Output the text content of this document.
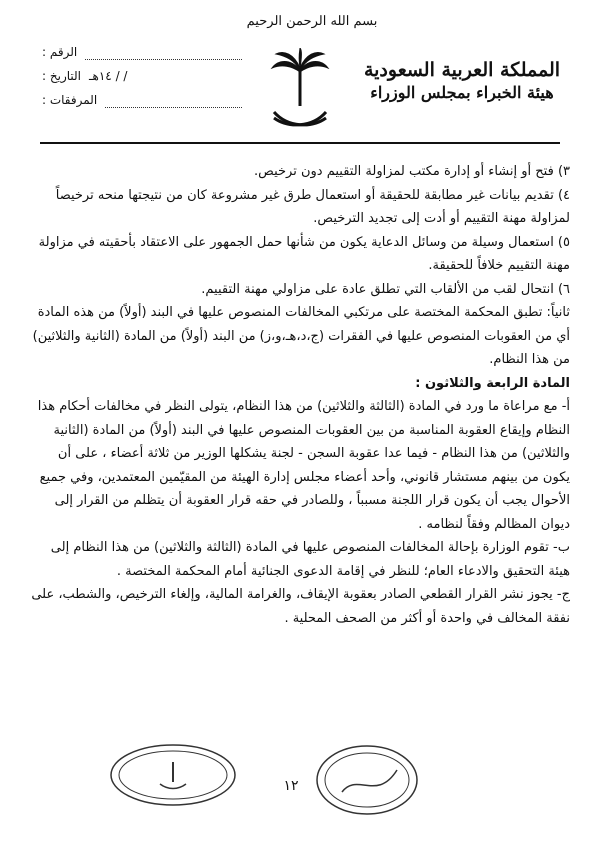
بسم الله الرحمن الرحيم
المملكة العربية السعودية
هيئة الخبراء بمجلس الوزراء
الرقم :
التاريخ : / / ١٤هـ
المرفقات :

٣) فتح أو إنشاء أو إدارة مكتب لمزاولة التقييم دون ترخيص.

٤) تقديم بيانات غير مطابقة للحقيقة أو استعمال طرق غير مشروعة كان من نتيجتها منحه ترخيصاً لمزاولة مهنة التقييم أو أدت إلى تجديد الترخيص.

٥) استعمال وسيلة من وسائل الدعاية يكون من شأنها حمل الجمهور على الاعتقاد بأحقيته في مزاولة مهنة التقييم خلافاً للحقيقة.

٦) انتحال لقب من الألقاب التي تطلق عادة على مزاولي مهنة التقييم.

ثانياً: تطبق المحكمة المختصة على مرتكبي المخالفات المنصوص عليها في البند (أولاً) من هذه المادة أي من العقوبات المنصوص عليها في الفقرات (ج،د،هـ،و،ز) من البند (أولاً) من المادة (الثانية والثلاثين) من هذا النظام.

المادة الرابعة والثلاثون :

أ- مع مراعاة ما ورد في المادة (الثالثة والثلاثين) من هذا النظام، يتولى النظر في مخالفات أحكام هذا النظام وإيقاع العقوبة المناسبة من بين العقوبات المنصوص عليها في البند (أولاً) من المادة (الثانية والثلاثين) من هذا النظام - فيما عدا عقوبة السجن - لجنة يشكلها الوزير من ثلاثة أعضاء ، على أن يكون من بينهم مستشار قانوني، وأحد أعضاء مجلس إدارة الهيئة من المقيّمين المعتمدين، وفي جميع الأحوال يجب أن يكون قرار اللجنة مسبباً ، وللصادر في حقه قرار العقوبة أن يتظلم من القرار إلى ديوان المظالم وفقاً لنظامه .

ب- تقوم الوزارة بإحالة المخالفات المنصوص عليها في المادة (الثالثة والثلاثين) من هذا النظام إلى هيئة التحقيق والادعاء العام؛ للنظر في إقامة الدعوى الجنائية أمام المحكمة المختصة .

ج- يجوز نشر القرار القطعي الصادر بعقوبة الإيقاف، والغرامة المالية، وإلغاء الترخيص، والشطب، على نفقة المخالف في واحدة أو أكثر من الصحف المحلية .

١٢
